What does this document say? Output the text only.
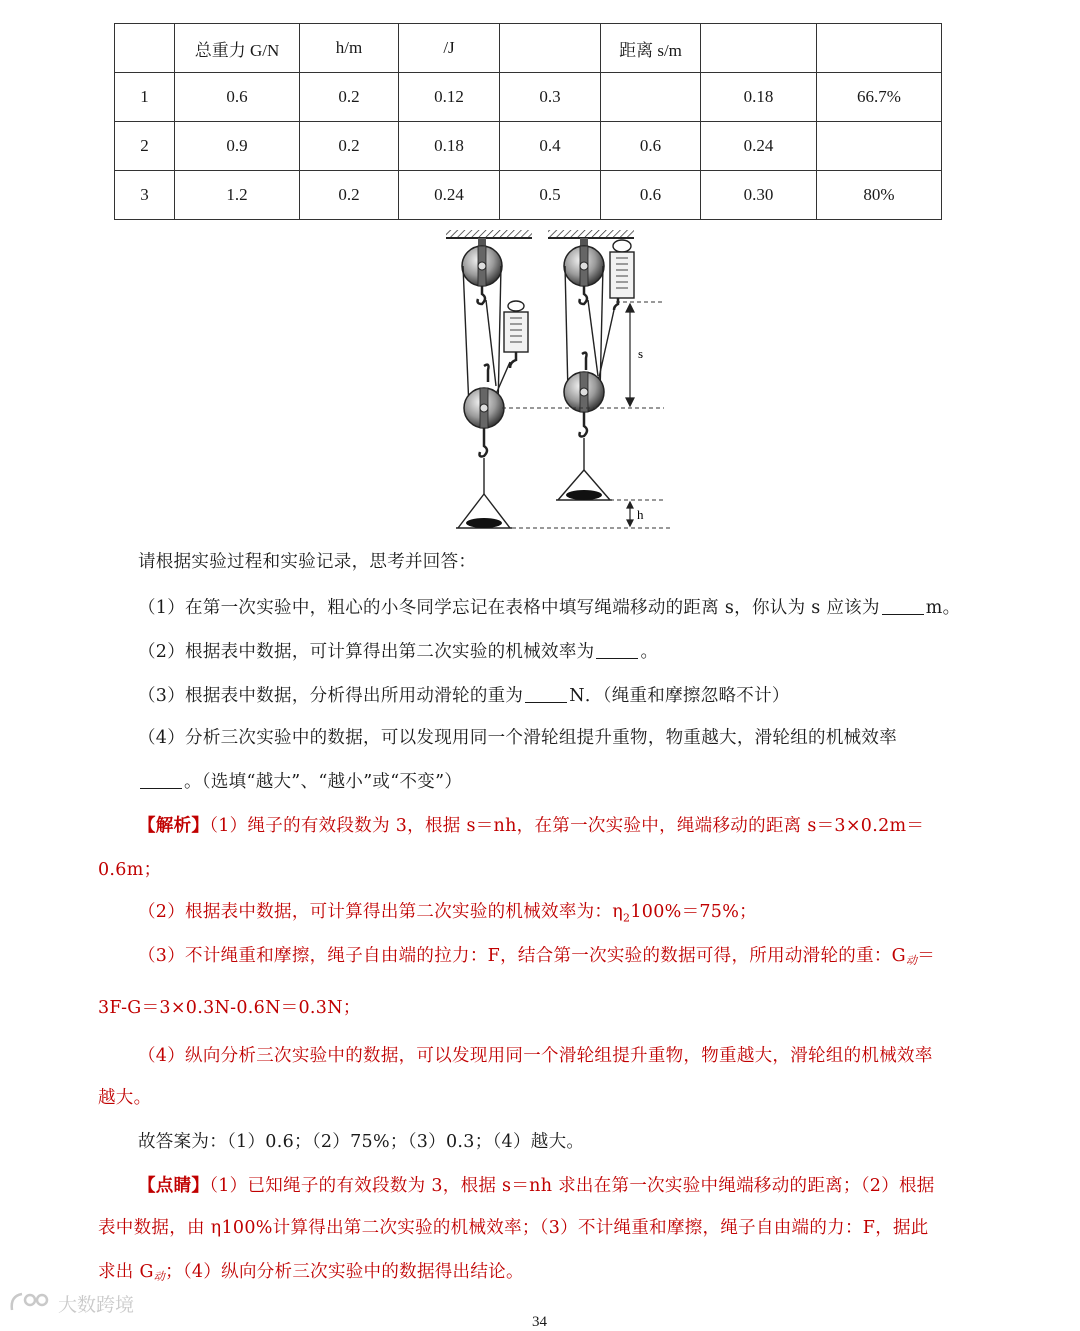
	总重力 G/N	h/m	/J		距离 s/m		
1	0.6	0.2	0.12	0.3		0.18	66.7%
2	0.9	0.2	0.18	0.4	0.6	0.24	
3	1.2	0.2	0.24	0.5	0.6	0.30	80%
s
h
请根据实验过程和实验记录，思考并回答：
（1）在第一次实验中，粗心的小冬同学忘记在表格中填写绳端移动的距离 s，你认为 s 应该为	m。
（2）根据表中数据，可计算得出第二次实验的机械效率为	。
（3）根据表中数据，分析得出所用动滑轮的重为	N．（绳重和摩擦忽略不计）
（4）分析三次实验中的数据，可以发现用同一个滑轮组提升重物，物重越大，滑轮组的机械效率
。（选填“越大”、“越小”或“不变”）
【解析】（1）绳子的有效段数为 3，根据 s＝nh，在第一次实验中，绳端移动的距离 s＝3×0.2m＝
0.6m；
（2）根据表中数据，可计算得出第二次实验的机械效率为：$\eta_2100\%=75\%$；
（3）不计绳重和摩擦，绳子自由端的拉力：F，结合第一次实验的数据可得，所用动滑轮的重：G动＝
3F-G＝3×0.3N-0.6N＝0.3N；
（4）纵向分析三次实验中的数据，可以发现用同一个滑轮组提升重物，物重越大，滑轮组的机械效率
越大。
故答案为：（1）0.6；（2）75%；（3）0.3；（4）越大。
【点睛】（1）已知绳子的有效段数为 3，根据 s＝nh 求出在第一次实验中绳端移动的距离；（2）根据
表中数据，由 η100%计算得出第二次实验的机械效率；（3）不计绳重和摩擦，绳子自由端的力：F，据此
求出 G动；（4）纵向分析三次实验中的数据得出结论。
大数跨境
34
